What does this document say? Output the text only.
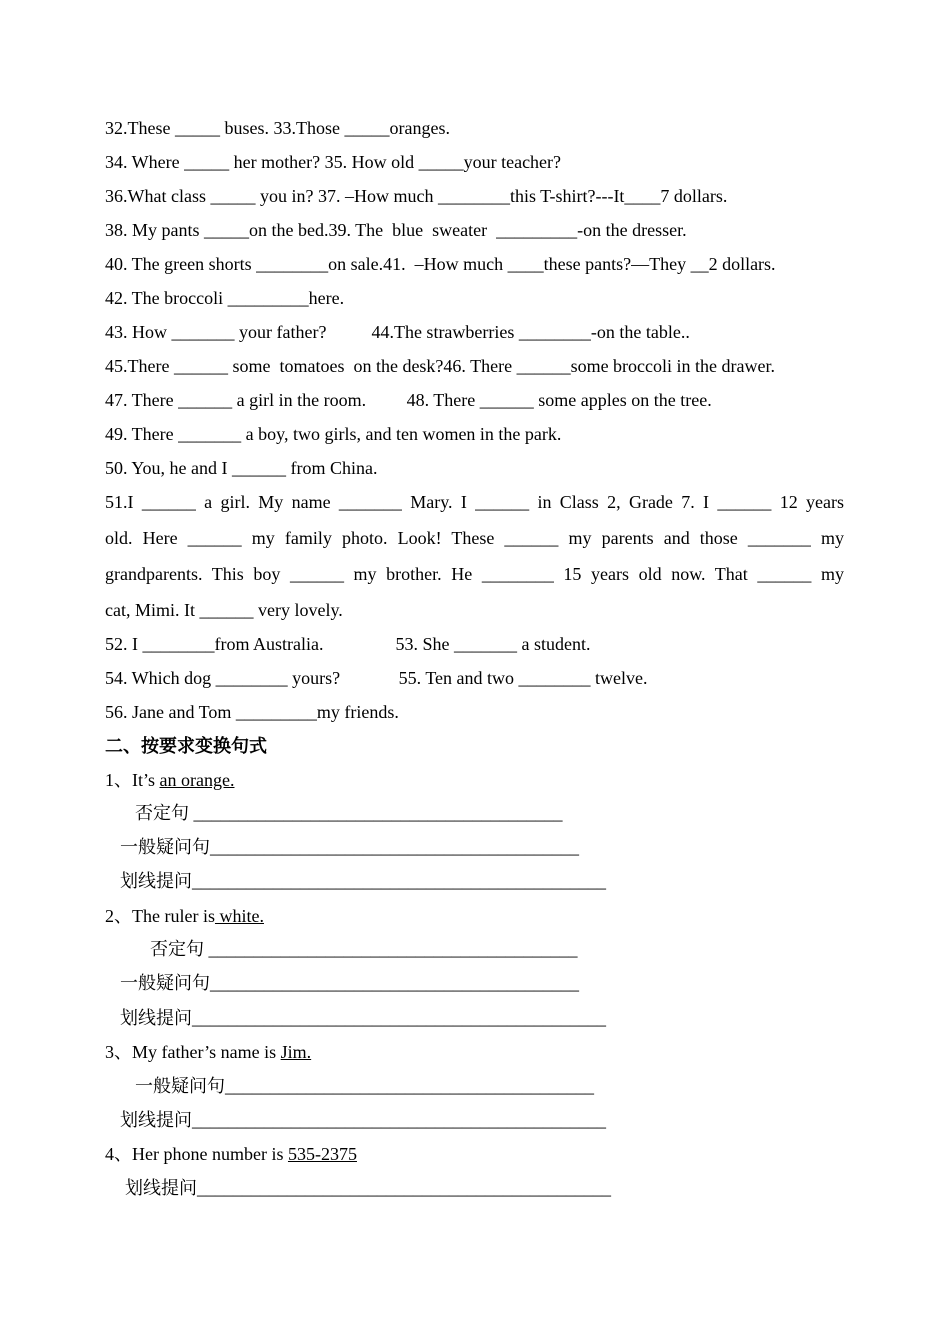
32.These _____ buses. 33.Those _____oranges.
34. Where _____ her mother? 35. How old _____your teacher?
36.What class _____ you in? 37. –How much ________this T-shirt?---It____7 dollars.
38. My pants _____on the bed.39. The  blue  sweater  _________-on the dresser.
40. The green shorts ________on sale.41.  –How much ____these pants?—They __2 dollars.
42. The broccoli _________here.
43. How _______ your father?          44.The strawberries ________-on the table..
45.There ______ some  tomatoes  on the desk?46. There ______some broccoli in the drawer.
47. There ______ a girl in the room.         48. There ______ some apples on the tree.
49. There _______ a boy, two girls, and ten women in the park.
50. You, he and I ______ from China.
51.I ______ a girl. My name _______ Mary. I ______ in Class 2, Grade 7. I ______ 12 years
old. Here ______ my family photo. Look! These ______ my parents and those _______ my
grandparents. This boy ______ my brother. He ________ 15 years old now. That ______ my
cat, Mimi. It ______ very lovely.
52. I ________from Australia.                53. She _______ a student.
54. Which dog ________ yours?             55. Ten and two ________ twelve.
56. Jane and Tom _________my friends.
二、按要求变换句式
1、It’s an orange.
否定句 _________________________________________
一般疑问句_________________________________________
划线提问______________________________________________
2、The ruler is white.
否定句 _________________________________________
一般疑问句_________________________________________
划线提问______________________________________________
3、My father’s name is Jim.
一般疑问句_________________________________________
划线提问______________________________________________
4、Her phone number is 535-2375
划线提问______________________________________________
